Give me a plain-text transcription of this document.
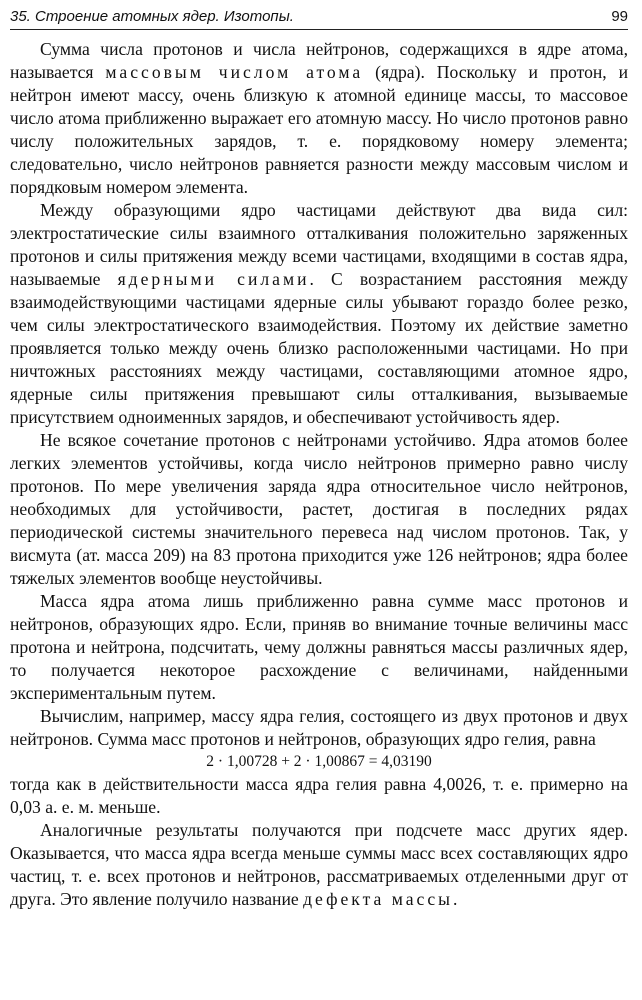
35. Строение атомных ядер. Изотопы.	99

Сумма числа протонов и числа нейтронов, содержащихся в ядре атома, называется массовым числом атома (ядра). Поскольку и протон, и нейтрон имеют массу, очень близкую к атомной единице массы, то массовое число атома приближенно выражает его атомную массу. Но число протонов равно числу положительных зарядов, т. е. порядковому номеру элемента; следовательно, число нейтронов равняется разности между массовым числом и порядковым номером элемента.

Между образующими ядро частицами действуют два вида сил: электростатические силы взаимного отталкивания положительно заряженных протонов и силы притяжения между всеми частицами, входящими в состав ядра, называемые ядерными силами. С возрастанием расстояния между взаимодействующими частицами ядерные силы убывают гораздо более резко, чем силы электростатического взаимодействия. Поэтому их действие заметно проявляется только между очень близко расположенными частицами. Но при ничтожных расстояниях между частицами, составляющими атомное ядро, ядерные силы притяжения превышают силы отталкивания, вызываемые присутствием одноименных зарядов, и обеспечивают устойчивость ядер.

Не всякое сочетание протонов с нейтронами устойчиво. Ядра атомов более легких элементов устойчивы, когда число нейтронов примерно равно числу протонов. По мере увеличения заряда ядра относительное число нейтронов, необходимых для устойчивости, растет, достигая в последних рядах периодической системы значительного перевеса над числом протонов. Так, у висмута (ат. масса 209) на 83 протона приходится уже 126 нейтронов; ядра более тяжелых элементов вообще неустойчивы.

Масса ядра атома лишь приближенно равна сумме масс протонов и нейтронов, образующих ядро. Если, приняв во внимание точные величины масс протона и нейтрона, подсчитать, чему должны равняться массы различных ядер, то получается некоторое расхождение с величинами, найденными экспериментальным путем.

Вычислим, например, массу ядра гелия, состоящего из двух протонов и двух нейтронов. Сумма масс протонов и нейтронов, образующих ядро гелия, равна

2 · 1,00728 + 2 · 1,00867 = 4,03190

тогда как в действительности масса ядра гелия равна 4,0026, т. е. примерно на 0,03 а. е. м. меньше.

Аналогичные результаты получаются при подсчете масс других ядер. Оказывается, что масса ядра всегда меньше суммы масс всех составляющих ядро частиц, т. е. всех протонов и нейтронов, рассматриваемых отделенными друг от друга. Это явление получило название дефекта массы.
